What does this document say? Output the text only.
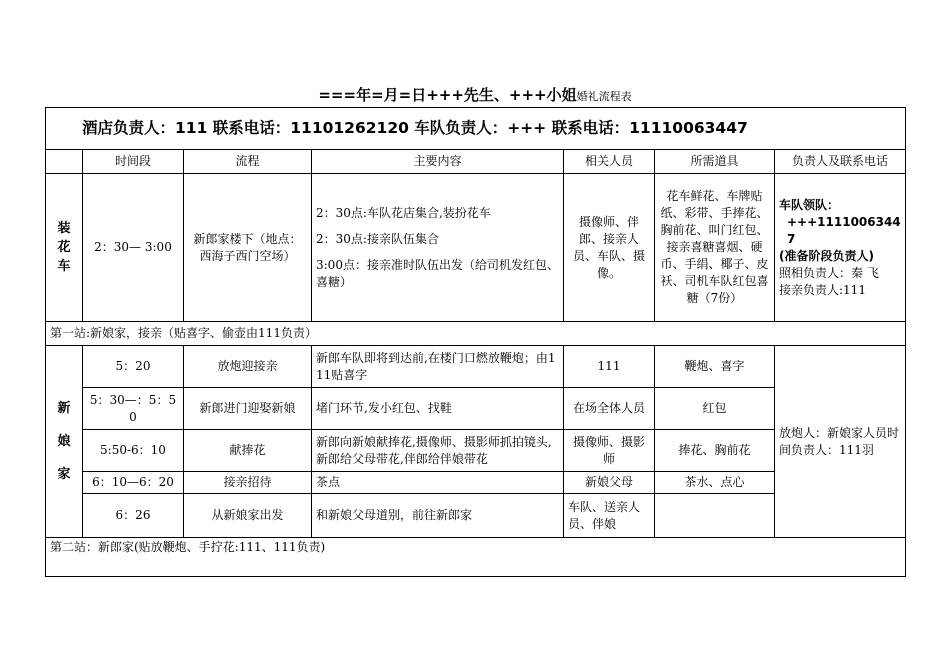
===年=月=日+++先生、+++小姐婚礼流程表
酒店负责人：111 联系电话：11101262120 车队负责人：+++ 联系电话：11110063447						
	时间段	流程	主要内容	相关人员	所需道具	负责人及联系电话

装
花
车	2：30— 3:00	新郎家楼下（地点：西海子西门空场）	2：30点:车队花店集合,装扮花车
2：30点:接亲队伍集合
3:00点：接亲准时队伍出发（给司机发红包、喜糖）	摄像师、伴郎、接亲人员、车队、摄像。	花车鲜花、车牌贴纸、彩带、手捧花、胸前花、叫门红包、接亲喜糖喜烟、硬币、手绢、椰子、皮袄、司机车队红包喜糖（7份）	车队领队：
+++11110063447
(准备阶段负责人)
照相负责人：秦 飞
接亲负责人:111

第一站:新娘家，接亲（贴喜字、偷壶由111负责）						

新
娘
家	5：20	放炮迎接亲	新郎车队即将到达前,在楼门口燃放鞭炮；由111贴喜字	111	鞭炮、喜字	放炮人：新娘家人员时间负责人：111羽
	5：30—：5：50	新郎进门迎娶新娘	堵门环节,发小红包、找鞋	在场全体人员	红包	
	5:50-6：10	献捧花	新郎向新娘献捧花,摄像师、摄影师抓拍镜头,新郎给父母带花,伴郎给伴娘带花	摄像师、摄影师	捧花、胸前花	
	6：10—6：20	接亲招待	茶点	新娘父母	茶水、点心	
	6：26	从新娘家出发	和新娘父母道别，前往新郎家	车队、送亲人员、伴娘		
第二站：新郎家(贴放鞭炮、手拧花:111、111负责)						
